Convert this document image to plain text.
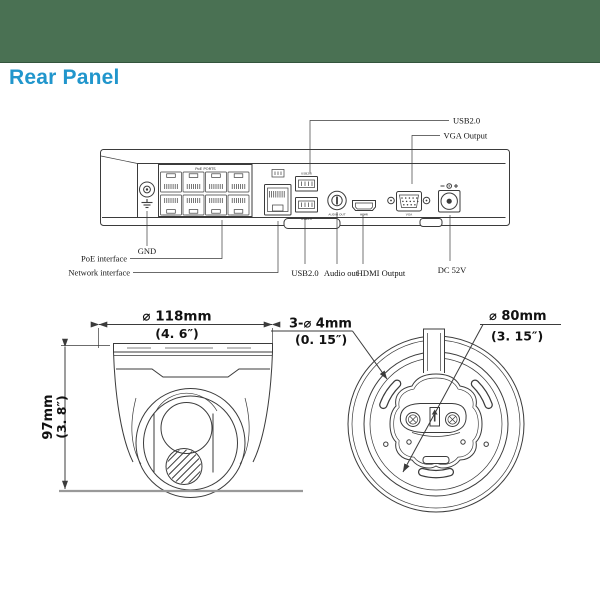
Rear Panel
PoE PORTS
USB2.0
USB2.0
AUDIO OUT	HDMI	VGA
USB2.0
VGA Output
GND
PoE interface
Network interface	USB2.0 Audio out
HDMI Output	DC 52V
⌀ 118mm
(4. 6″)
97mm
(3. 8″)
3-⌀ 4mm
(0. 15″)
⌀ 80mm
(3. 15″)
